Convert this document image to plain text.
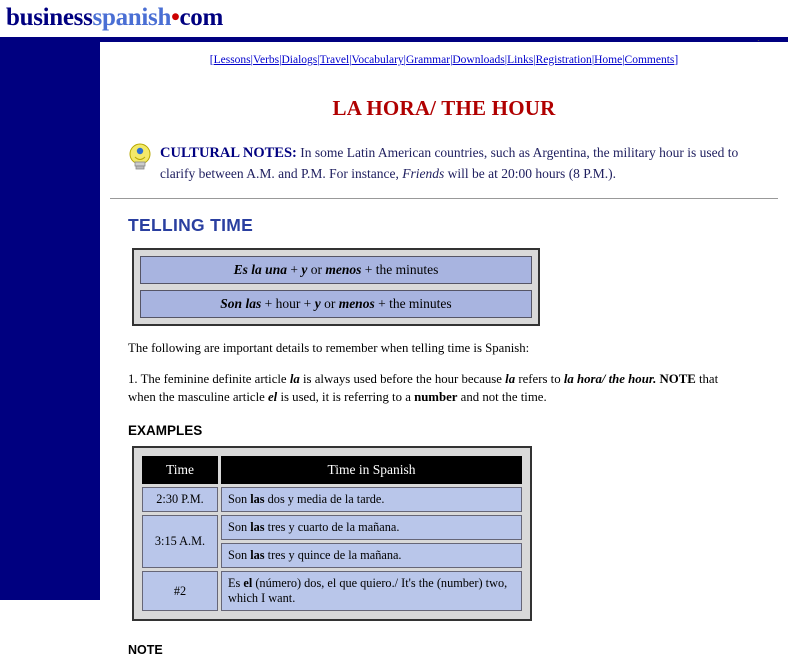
businessspanish•com
[Lessons|Verbs|Dialogs|Travel|Vocabulary|Grammar|Downloads|Links|Registration|Home|Comments]
LA HORA/ THE HOUR
CULTURAL NOTES: In some Latin American countries, such as Argentina, the military hour is used to clarify between A.M. and P.M. For instance, Friends will be at 20:00 hours (8 P.M.).
TELLING TIME
Es la una + y or menos + the minutes
Son las + hour + y or menos + the minutes

The following are important details to remember when telling time is Spanish:

1. The feminine definite article la is always used before the hour because la refers to la hora/ the hour. NOTE that when the masculine article el is used, it is referring to a number and not the time.

EXAMPLES
Time	Time in Spanish
2:30 P.M.	Son las dos y media de la tarde.
3:15 A.M.	Son las tres y cuarto de la mañana.
	Son las tres y quince de la mañana.
#2	Es el (número) dos, el que quiero./ It's the (number) two, which I want.
NOTE
